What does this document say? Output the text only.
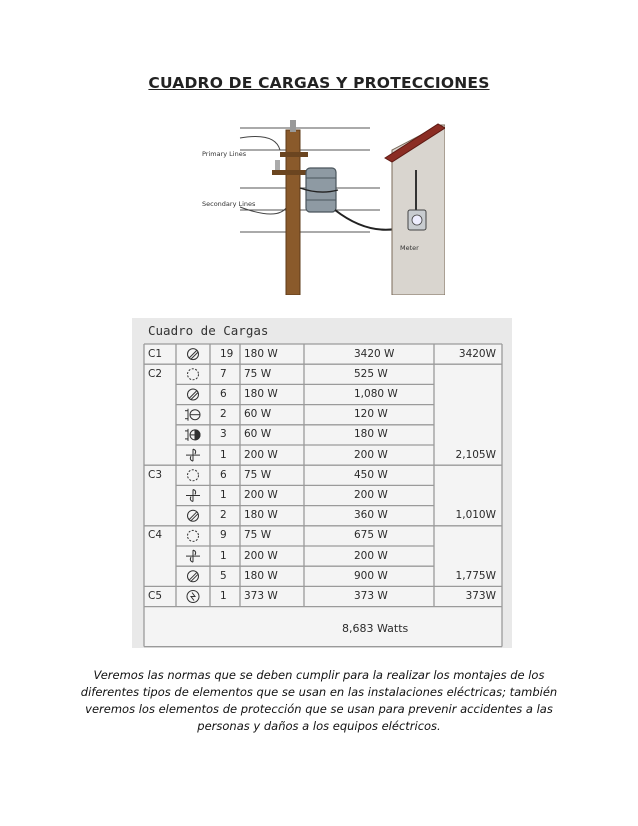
CUADRO DE CARGAS Y PROTECCIONES
Primary Lines
Secondary Lines
Meter
Cuadro de Cargas
C1	19 180 W	3420 W	3420W
C2	7 75 W	525 W
6 180 W	1,080 W
2 60 W	120 W
3 60 W	180 W
1 200 W	200 W	2,105W
C3	6 75 W	450 W
1 200 W	200 W
2 180 W	360 W	1,010W
C4	9 75 W	675 W
1 200 W	200 W
5 180 W	900 W	1,775W
C5	1 373 W	373 W	373W
8,683 Watts
Veremos las normas que se deben cumplir para la realizar los montajes de los diferentes tipos de elementos que se usan en las instalaciones eléctricas; también veremos los elementos de protección que se usan para prevenir accidentes a las personas y daños a los equipos eléctricos.
